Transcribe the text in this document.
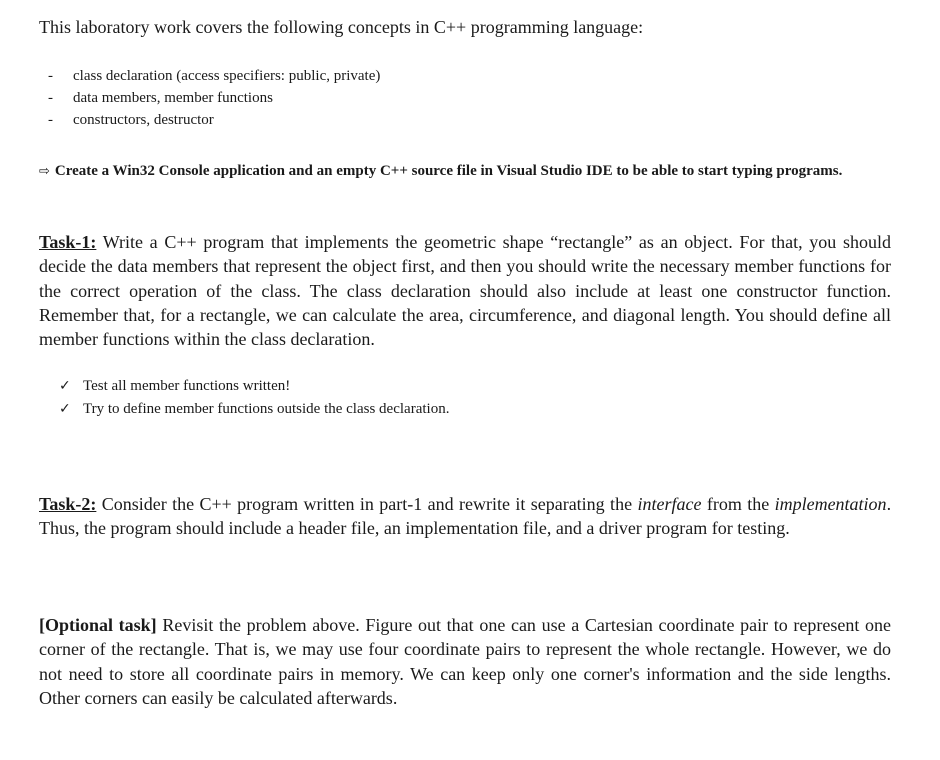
This laboratory work covers the following concepts in C++ programming language:
- class declaration (access specifiers: public, private)
- data members, member functions
- constructors, destructor
⇨ Create a Win32 Console application and an empty C++ source file in Visual Studio IDE to be able to start typing programs.

Task-1: Write a C++ program that implements the geometric shape “rectangle” as an object. For that, you should decide the data members that represent the object first, and then you should write the necessary member functions for the correct operation of the class. The class declaration should also include at least one constructor function. Remember that, for a rectangle, we can calculate the area, circumference, and diagonal length. You should define all member functions within the class declaration.

✓ Test all member functions written!
✓ Try to define member functions outside the class declaration.

Task-2: Consider the C++ program written in part-1 and rewrite it separating the interface from the implementation. Thus, the program should include a header file, an implementation file, and a driver program for testing.

[Optional task] Revisit the problem above. Figure out that one can use a Cartesian coordinate pair to represent one corner of the rectangle. That is, we may use four coordinate pairs to represent the whole rectangle. However, we do not need to store all coordinate pairs in memory. We can keep only one corner's information and the side lengths. Other corners can easily be calculated afterwards.
